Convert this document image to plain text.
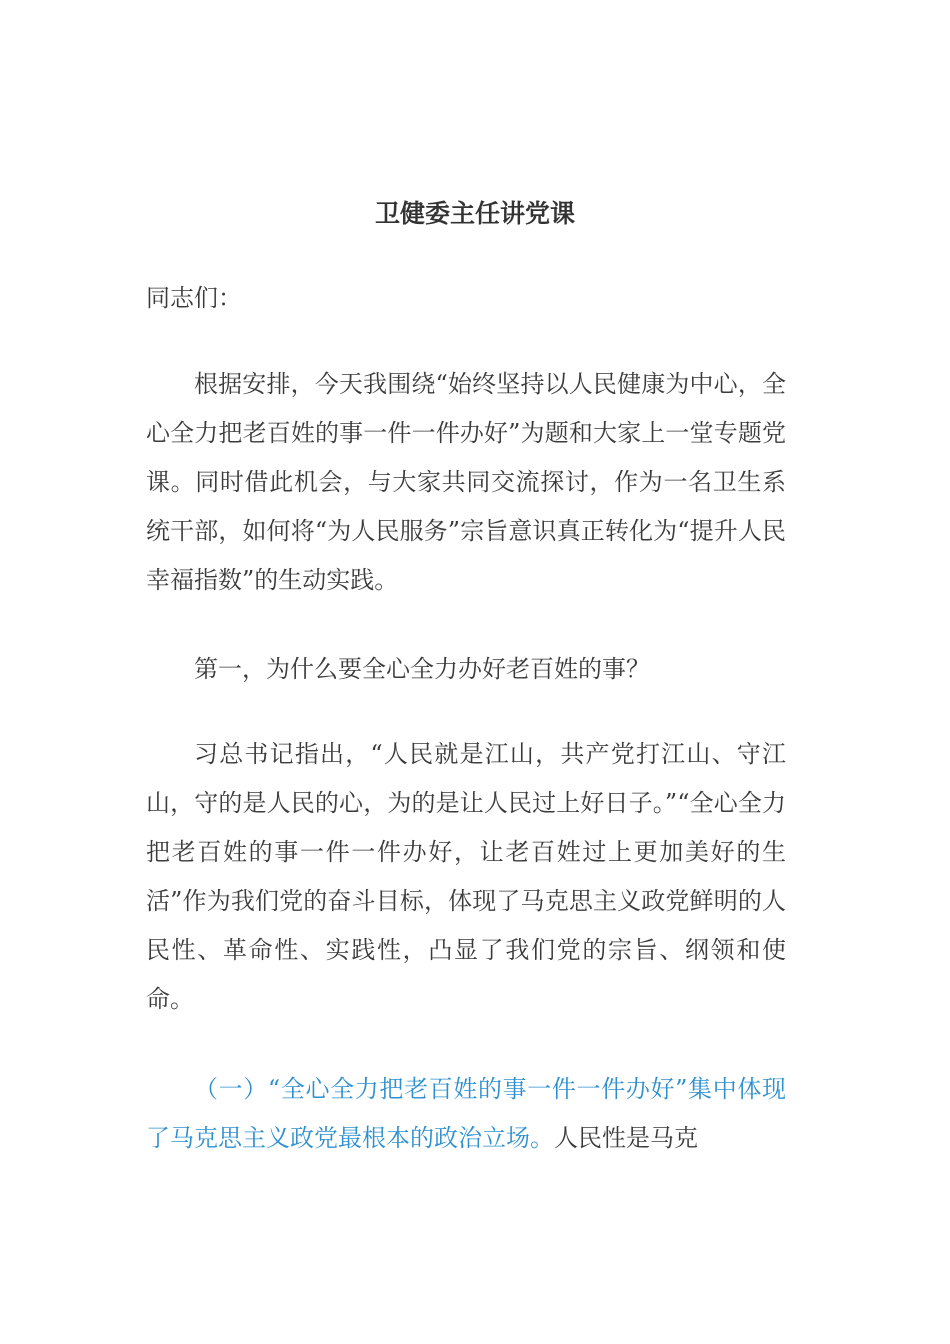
卫健委主任讲党课

同志们：

根据安排，今天我围绕“始终坚持以人民健康为中心，全心全力把老百姓的事一件一件办好”为题和大家上一堂专题党课。同时借此机会，与大家共同交流探讨，作为一名卫生系统干部，如何将“为人民服务”宗旨意识真正转化为“提升人民幸福指数”的生动实践。

第一，为什么要全心全力办好老百姓的事？

习总书记指出，“人民就是江山，共产党打江山、守江山，守的是人民的心，为的是让人民过上好日子。”“全心全力把老百姓的事一件一件办好，让老百姓过上更加美好的生活”作为我们党的奋斗目标，体现了马克思主义政党鲜明的人民性、革命性、实践性，凸显了我们党的宗旨、纲领和使命。

（一）“全心全力把老百姓的事一件一件办好”集中体现了马克思主义政党最根本的政治立场。人民性是马克
